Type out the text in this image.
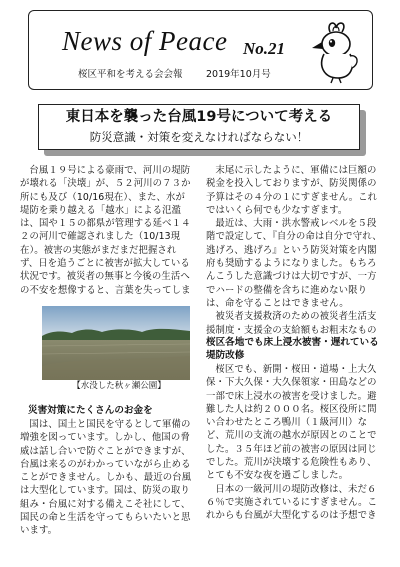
News of Peace No.21
桜区平和を考える会会報 2019年10月号
東日本を襲った台風19号について考える
防災意識・対策を変えなければならない！

台風１９号による豪雨で、河川の堤防が壊れる「決壊」が、５２河川の７３か所にも及び（10/16現在）、また、水が堤防を乗り越える「越水」による氾濫は、国や１５の都県が管理する延べ１４２の河川で確認されました（10/13現在）。被害の実態がまだまだ把握されず、日を追うごとに被害が拡大している状況です。被災者の無事と今後の生活への不安を想像すると、言葉を失ってしま

【水没した秋ヶ瀬公園】
災害対策にたくさんのお金を

国は、国土と国民を守るとして軍備の増強を図っています。しかし、他国の脅威は話し合いで防ぐことができますが、台風は来るのがわかっていながら止めることができません。しかも、最近の台風は大型化しています。国は、防災の取り組み・台風に対する備えこそ社にして、国民の命と生活を守ってもらいたいと思います。

末尾に示したように、軍備には巨額の税金を投入しておりますが、防災関係の予算はその４分の１にすぎません。これではいくら何でも少なすぎます。

最近は、大雨・洪水警戒レベルを５段階で設定して、『自分の命は自分で守れ、逃げろ、逃げろ』という防災対策を内閣府も奨励するようになりました。もちろんこうした意識づけは大切ですが、一方でハードの整備を含ちに進めない限りは、命を守ることはできません。

被災者支援救済のための被災者生活支援制度・支援金の支給額もお粗末なもの

桜区各地でも床上浸水被害・遅れている堤防改修

桜区でも、新開・桜田・道場・上大久保・下大久保・大久保領家・田島などの一部で床上浸水の被害を受けました。避難した人は約２０００名。桜区役所に問い合わせたところ鴨川（１級河川）など、荒川の支流の越水が原因とのことでした。３５年ほど前の被害の原因は同じでした。荒川が決壊する危険性もあり、とても不安な夜を過ごしました。

日本の一級河川の堤防改修は、未だ６６％で実施されているにすぎません。これからも台風が大型化するのは予想でき
